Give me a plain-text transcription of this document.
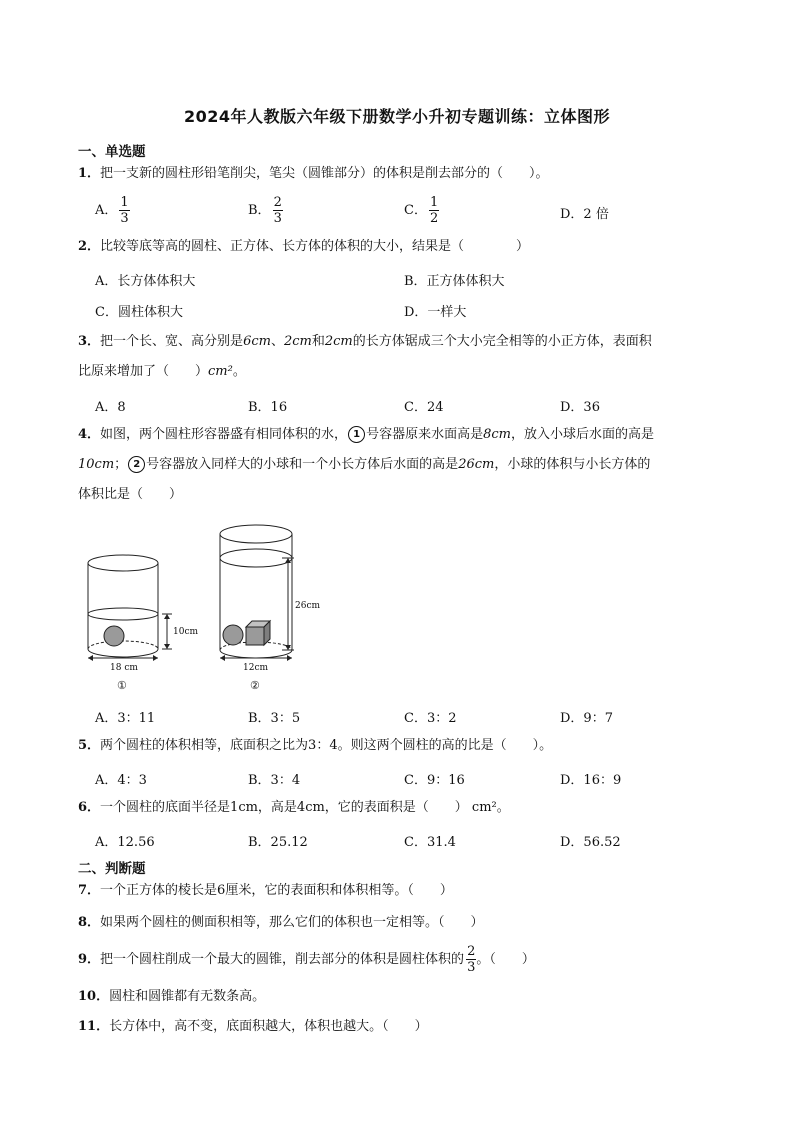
2024年人教版六年级下册数学小升初专题训练：立体图形
一、单选题
1．把一支新的圆柱形铅笔削尖，笔尖（圆锥部分）的体积是削去部分的（　　）。
A． $\frac{1}{3}$	B． $\frac{2}{3}$	C． $\frac{1}{2}$	D．2 倍
2．比较等底等高的圆柱、正方体、长方体的体积的大小，结果是（　　　　）
A．长方体体积大	B．正方体体积大
C．圆柱体积大	D．一样大
3．把一个长、宽、高分别是6cm、2cm和2cm的长方体锯成三个大小完全相等的小正方体，表面积
比原来增加了（　　）cm²。
A．8	B．16	C．24	D．36
4．如图，两个圆柱形容器盛有相同体积的水， 1 号容器原来水面高是8cm，放入小球后水面的高是
10cm； 2 号容器放入同样大的小球和一个小长方体后水面的高是26cm，小球的体积与小长方体的
体积比是（　　）
10cm
18 cm
26cm
12cm
①	②
A．3：11	B．3：5	C．3：2	D．9：7
5．两个圆柱的体积相等，底面积之比为3：4。则这两个圆柱的高的比是（　　）。
A．4：3	B．3：4	C．9：16	D．16：9
6．一个圆柱的底面半径是1cm，高是4cm，它的表面积是（　　） cm²。
A．12.56	B．25.12	C．31.4	D．56.52
二、判断题
7．一个正方体的棱长是6厘米，它的表面积和体积相等。（　　）
8．如果两个圆柱的侧面积相等，那么它们的体积也一定相等。（　　）
9．把一个圆柱削成一个最大的圆锥，削去部分的体积是圆柱体积的 $\frac{2}{3}$ 。（　　）
10．圆柱和圆锥都有无数条高。
11．长方体中，高不变，底面积越大，体积也越大。（　　）
